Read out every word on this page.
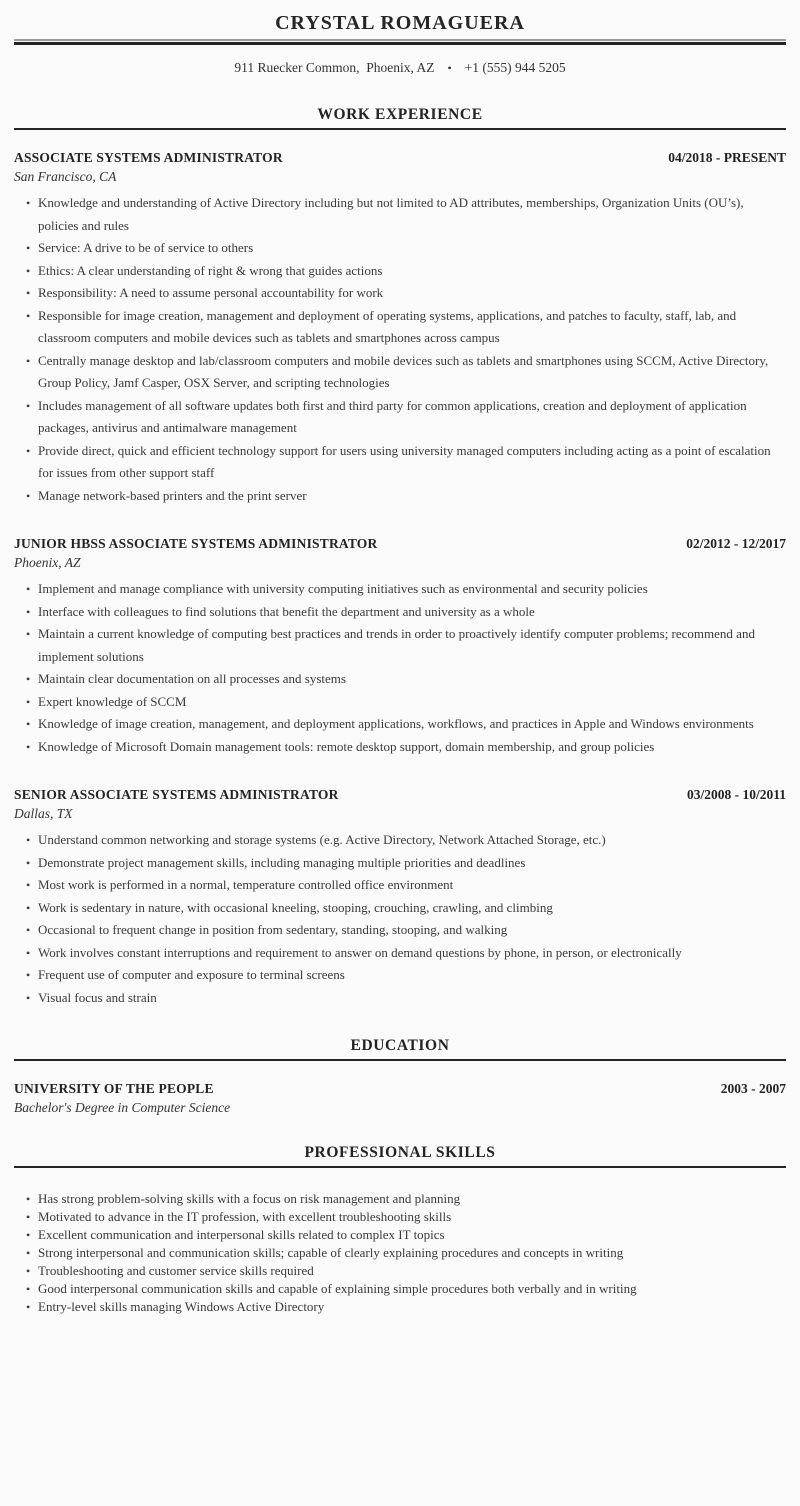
CRYSTAL ROMAGUERA

911 Ruecker Common,  Phoenix, AZ • +1 (555) 944 5205

WORK EXPERIENCE
ASSOCIATE SYSTEMS ADMINISTRATOR	04/2018 - PRESENT
San Francisco, CA
• Knowledge and understanding of Active Directory including but not limited to AD attributes, memberships, Organization Units (OU’s), policies and rules
• Service: A drive to be of service to others
• Ethics: A clear understanding of right & wrong that guides actions
• Responsibility: A need to assume personal accountability for work
• Responsible for image creation, management and deployment of operating systems, applications, and patches to faculty, staff, lab, and classroom computers and mobile devices such as tablets and smartphones across campus
• Centrally manage desktop and lab/classroom computers and mobile devices such as tablets and smartphones using SCCM, Active Directory, Group Policy, Jamf Casper, OSX Server, and scripting technologies
• Includes management of all software updates both first and third party for common applications, creation and deployment of application packages, antivirus and antimalware management
• Provide direct, quick and efficient technology support for users using university managed computers including acting as a point of escalation for issues from other support staff
• Manage network-based printers and the print server
JUNIOR HBSS ASSOCIATE SYSTEMS ADMINISTRATOR	02/2012 - 12/2017
Phoenix, AZ
• Implement and manage compliance with university computing initiatives such as environmental and security policies
• Interface with colleagues to find solutions that benefit the department and university as a whole
• Maintain a current knowledge of computing best practices and trends in order to proactively identify computer problems; recommend and implement solutions
• Maintain clear documentation on all processes and systems
• Expert knowledge of SCCM
• Knowledge of image creation, management, and deployment applications, workflows, and practices in Apple and Windows environments
• Knowledge of Microsoft Domain management tools: remote desktop support, domain membership, and group policies
SENIOR ASSOCIATE SYSTEMS ADMINISTRATOR	03/2008 - 10/2011
Dallas, TX
• Understand common networking and storage systems (e.g. Active Directory, Network Attached Storage, etc.)
• Demonstrate project management skills, including managing multiple priorities and deadlines
• Most work is performed in a normal, temperature controlled office environment
• Work is sedentary in nature, with occasional kneeling, stooping, crouching, crawling, and climbing
• Occasional to frequent change in position from sedentary, standing, stooping, and walking
• Work involves constant interruptions and requirement to answer on demand questions by phone, in person, or electronically
• Frequent use of computer and exposure to terminal screens
• Visual focus and strain
EDUCATION
UNIVERSITY OF THE PEOPLE	2003 - 2007
Bachelor's Degree in Computer Science
PROFESSIONAL SKILLS
• Has strong problem-solving skills with a focus on risk management and planning
• Motivated to advance in the IT profession, with excellent troubleshooting skills
• Excellent communication and interpersonal skills related to complex IT topics
• Strong interpersonal and communication skills; capable of clearly explaining procedures and concepts in writing
• Troubleshooting and customer service skills required
• Good interpersonal communication skills and capable of explaining simple procedures both verbally and in writing
• Entry-level skills managing Windows Active Directory
